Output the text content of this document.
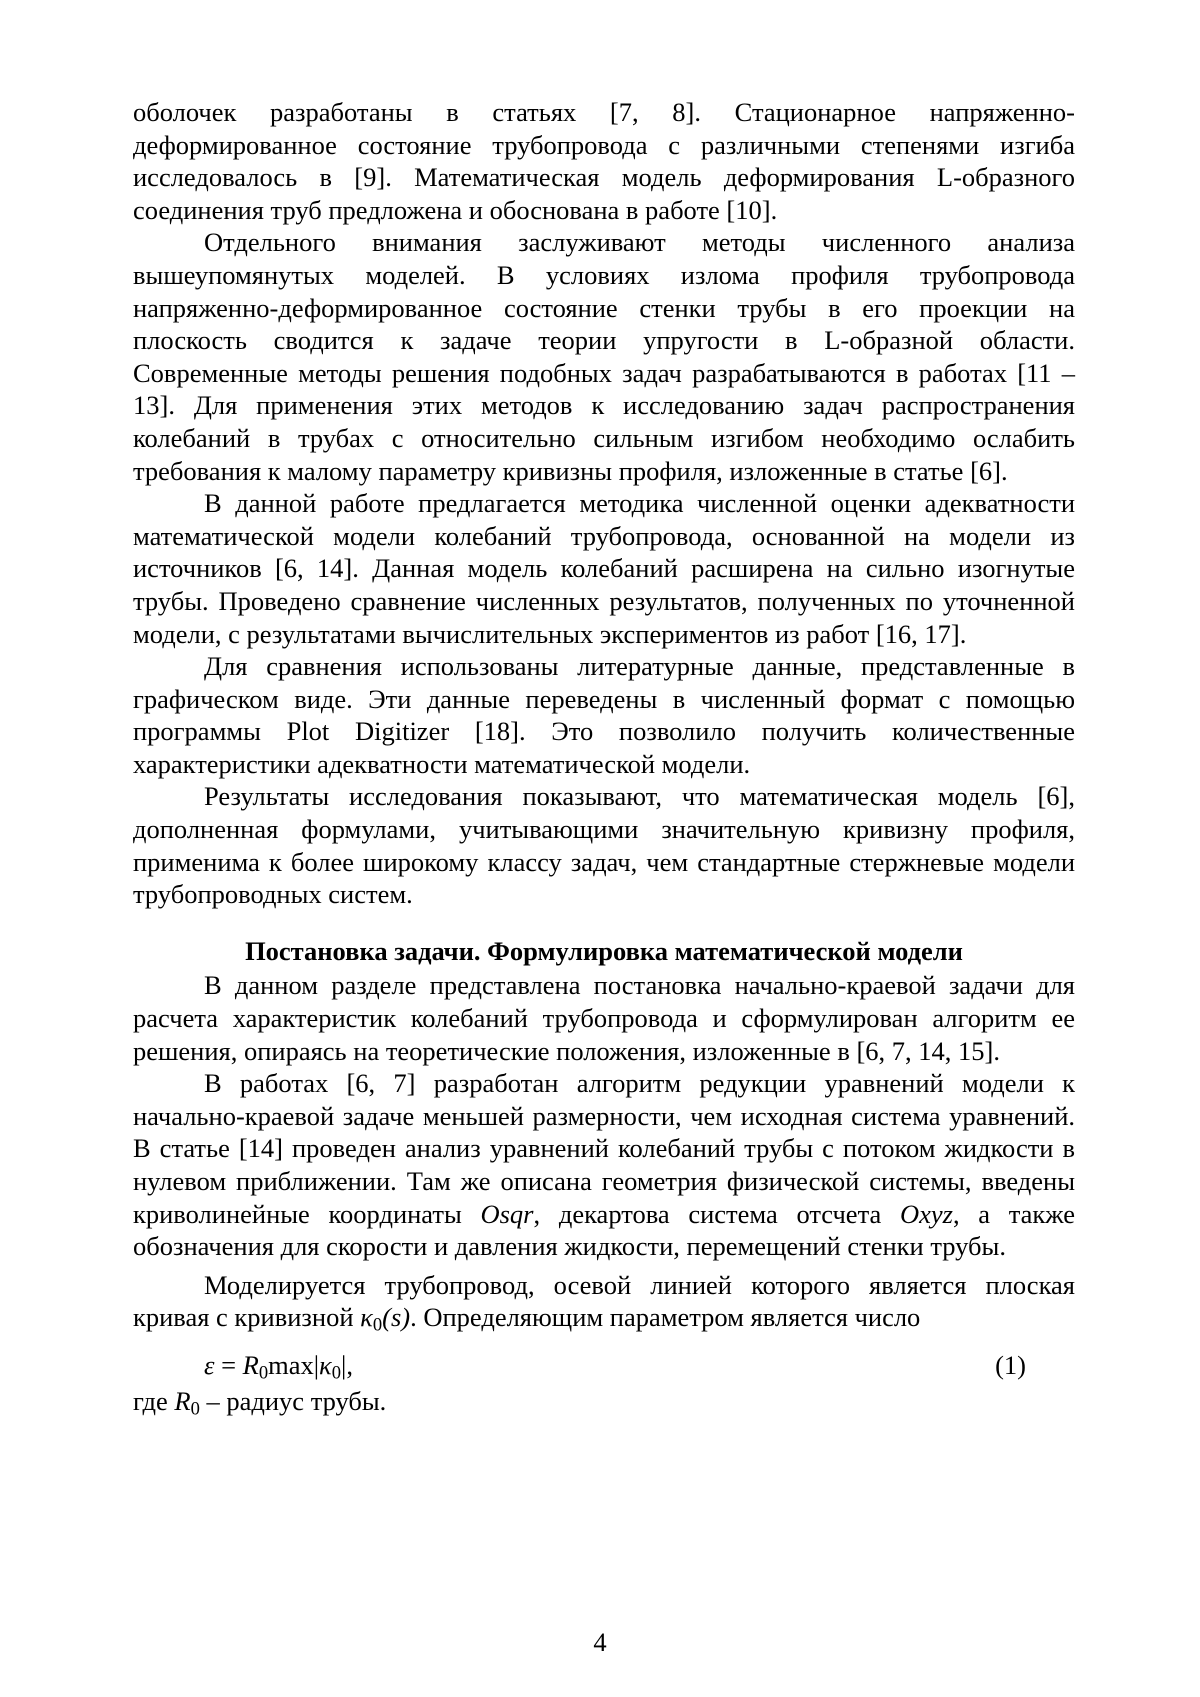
оболочек разработаны в статьях [7, 8]. Стационарное напряженно-деформированное состояние трубопровода с различными степенями изгиба исследовалось в [9]. Математическая модель деформирования L-образного соединения труб предложена и обоснована в работе [10].

Отдельного внимания заслуживают методы численного анализа вышеупомянутых моделей. В условиях излома профиля трубопровода напряженно-деформированное состояние стенки трубы в его проекции на плоскость сводится к задаче теории упругости в L-образной области. Современные методы решения подобных задач разрабатываются в работах [11 – 13]. Для применения этих методов к исследованию задач распространения колебаний в трубах с относительно сильным изгибом необходимо ослабить требования к малому параметру кривизны профиля, изложенные в статье [6].

В данной работе предлагается методика численной оценки адекватности математической модели колебаний трубопровода, основанной на модели из источников [6, 14]. Данная модель колебаний расширена на сильно изогнутые трубы. Проведено сравнение численных результатов, полученных по уточненной модели, с результатами вычислительных экспериментов из работ [16, 17].

Для сравнения использованы литературные данные, представленные в графическом виде. Эти данные переведены в численный формат с помощью программы Plot Digitizer [18]. Это позволило получить количественные характеристики адекватности математической модели.

Результаты исследования показывают, что математическая модель [6], дополненная формулами, учитывающими значительную кривизну профиля, применима к более широкому классу задач, чем стандартные стержневые модели трубопроводных систем.

Постановка задачи. Формулировка математической модели

В данном разделе представлена постановка начально-краевой задачи для расчета характеристик колебаний трубопровода и сформулирован алгоритм ее решения, опираясь на теоретические положения, изложенные в [6, 7, 14, 15].

В работах [6, 7] разработан алгоритм редукции уравнений модели к начально-краевой задаче меньшей размерности, чем исходная система уравнений. В статье [14] проведен анализ уравнений колебаний трубы с потоком жидкости в нулевом приближении. Там же описана геометрия физической системы, введены криволинейные координаты Osqr, декартова система отсчета Oxyz, а также обозначения для скорости и давления жидкости, перемещений стенки трубы.

Моделируется трубопровод, осевой линией которого является плоская кривая с кривизной $\kappa_0(s)$. Определяющим параметром является число

$\varepsilon = R_0\max|\kappa_0|$,	(1)

где $R_0$ – радиус трубы.

4
